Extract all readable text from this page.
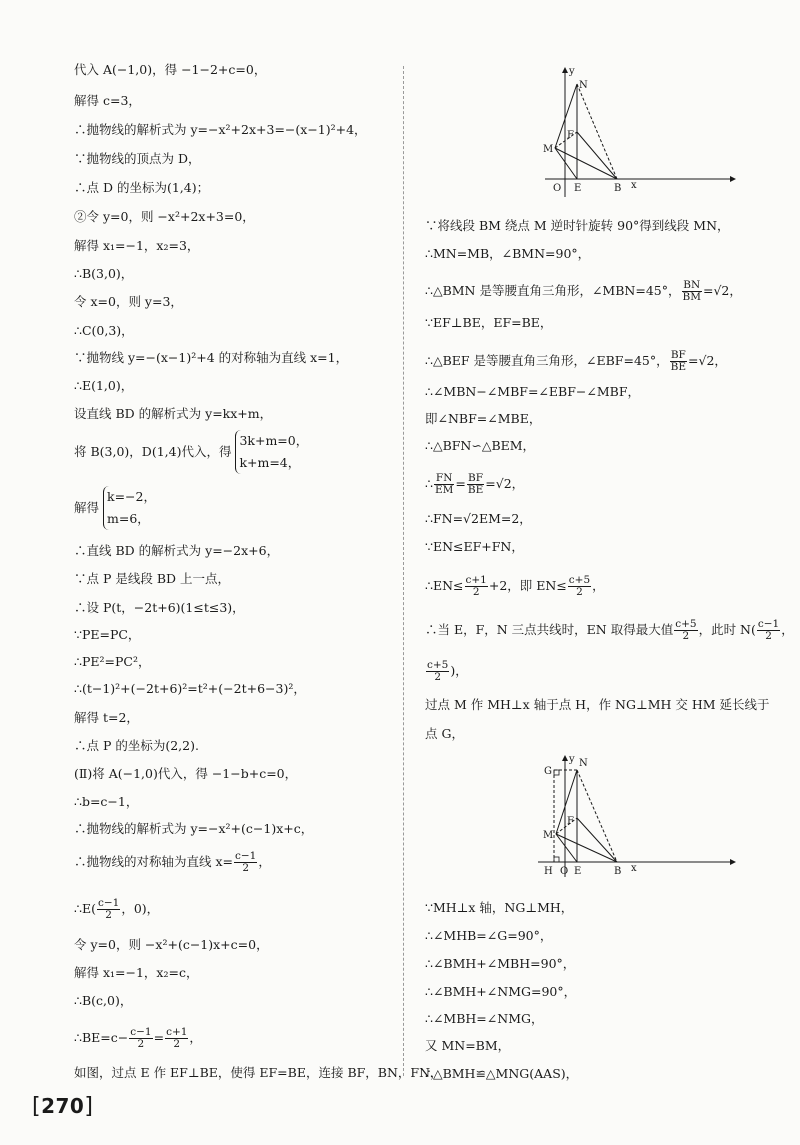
代入 A(−1,0)，得 −1−2+c=0，
解得 c=3，
∴抛物线的解析式为 y=−x²+2x+3=−(x−1)²+4，
∵抛物线的顶点为 D，
∴点 D 的坐标为(1,4)；
②令 y=0，则 −x²+2x+3=0，
解得 x₁=−1，x₂=3，
∴B(3,0)，
令 x=0，则 y=3，
∴C(0,3)，
∵抛物线 y=−(x−1)²+4 的对称轴为直线 x=1，
∴E(1,0)，
设直线 BD 的解析式为 y=kx+m，
将 B(3,0)，D(1,4)代入，得
3k+m=0，
k+m=4，
解得
k=−2，
m=6，
∴直线 BD 的解析式为 y=−2x+6，
∵点 P 是线段 BD 上一点，
∴设 P(t，−2t+6)(1≤t≤3)，
∵PE=PC，
∴PE²=PC²，
∴(t−1)²+(−2t+6)²=t²+(−2t+6−3)²，
解得 t=2，
∴点 P 的坐标为(2,2).
(Ⅱ)将 A(−1,0)代入，得 −1−b+c=0，
∴b=c−1，
∴抛物线的解析式为 y=−x²+(c−1)x+c，
∴抛物线的对称轴为直线 $x= \frac{c-1}{2}$ ，
∴E( $\frac{c-1}{2}$ ，0)，
令 y=0，则 −x²+(c−1)x+c=0，
解得 x₁=−1，x₂=c，
∴B(c,0)，
∴BE=c− $\frac{c-1}{2} = \frac{c+1}{2}$ ，
如图，过点 E 作 EF⊥BE，使得 EF=BE，连接 BF，BN，FN，
y
N
F
M
O E	B x
∵将线段 BM 绕点 M 逆时针旋转 90°得到线段 MN，
∴MN=MB，∠BMN=90°，
∴△BMN 是等腰直角三角形，∠MBN=45°， $\frac{BN}{BM} =√2$，
∵EF⊥BE，EF=BE，
∴△BEF 是等腰直角三角形，∠EBF=45°， $\frac{BF}{BE} =√2$，
∴∠MBN−∠MBF=∠EBF−∠MBF，
即∠NBF=∠MBE，
∴△BFN∽△BEM，
∴ $\frac{FN}{EM} = \frac{BF}{BE} =√2$，
∴FN=√2EM=2，
∵EN≤EF+FN，
∴EN≤ $\frac{c+1}{2} +2$，即 $EN\le \frac{c+5}{2}$ ，
∴当 E，F，N 三点共线时，EN 取得最大值 $\frac{c+5}{2}$ ，此时 $N( \frac{c-1}{2}$ ，
$\frac{c+5}{2}$ )，
过点 M 作 MH⊥x 轴于点 H，作 NG⊥MH 交 HM 延长线于
点 G，
G
y N
F
M
H O E	B x
∵MH⊥x 轴，NG⊥MH，
∴∠MHB=∠G=90°，
∴∠BMH+∠MBH=90°，
∴∠BMH+∠NMG=90°，
∴∠MBH=∠NMG，
又 MN=BM，
∴△BMH≌△MNG(AAS)，
[270]
